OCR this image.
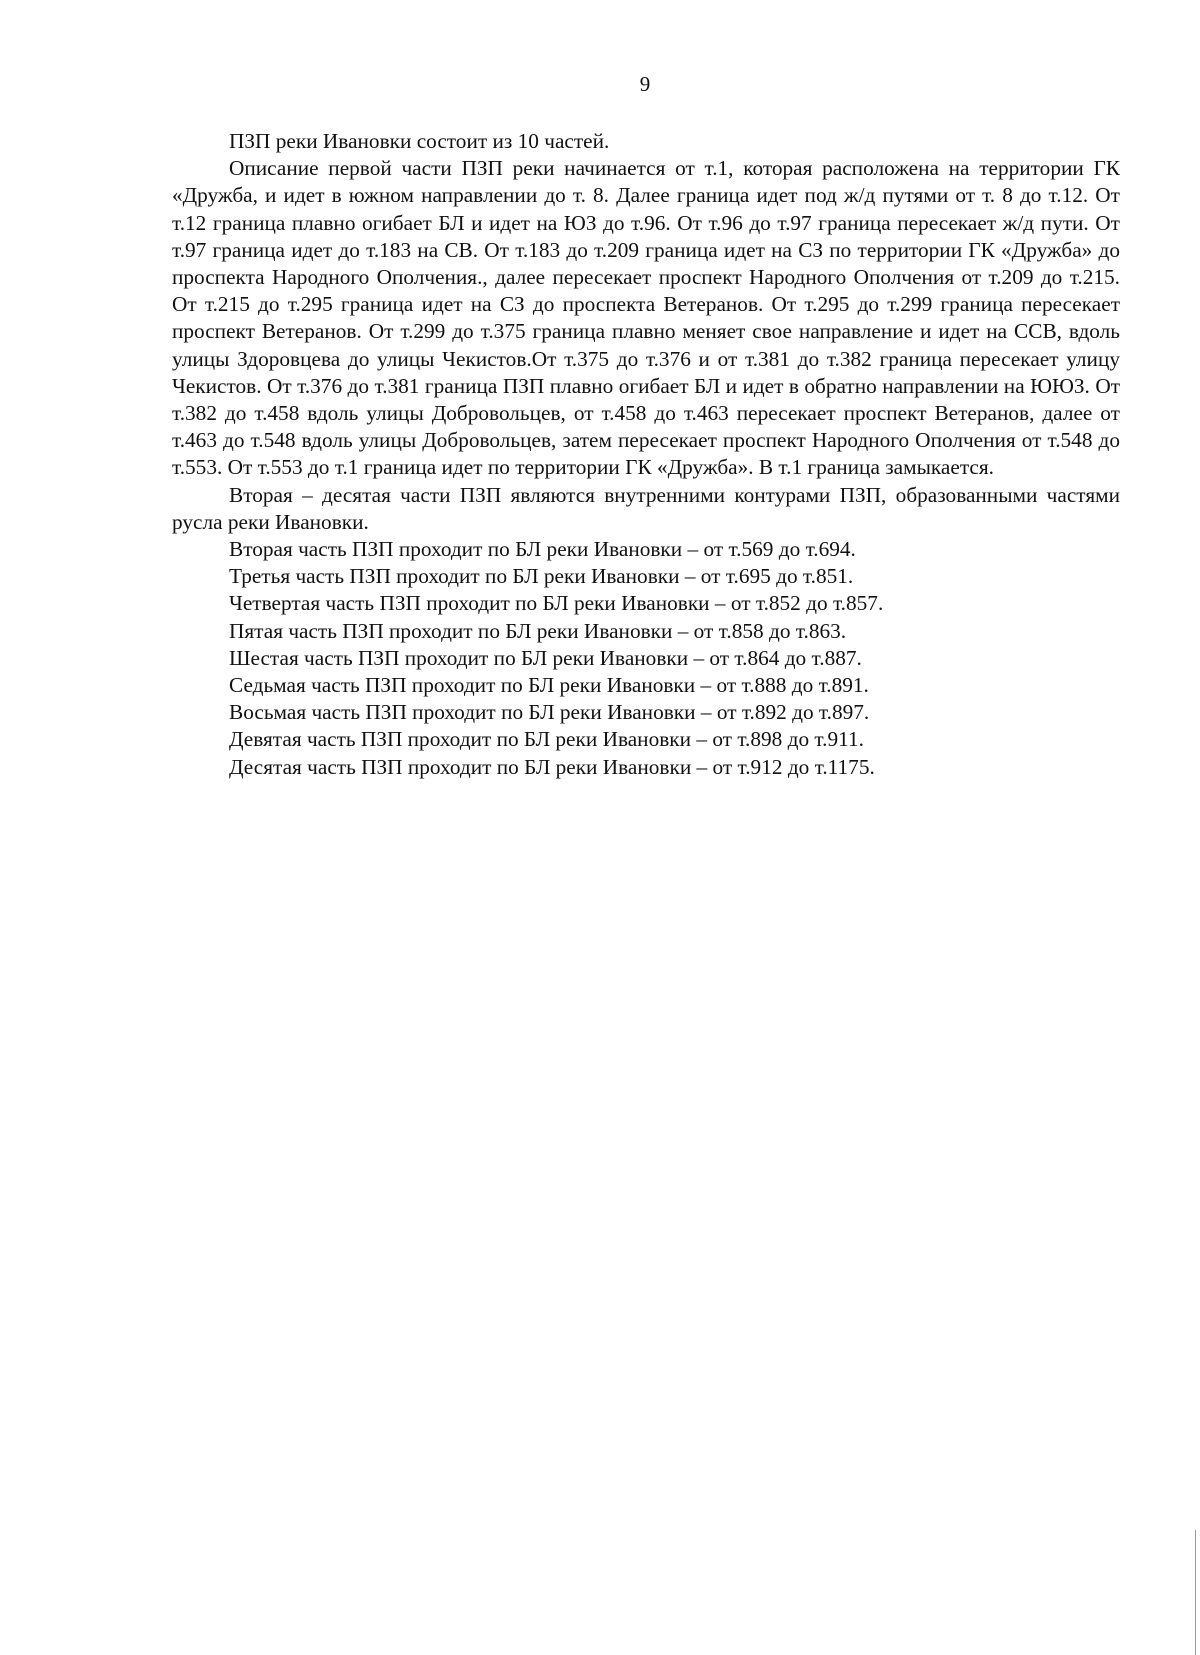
9

ПЗП реки Ивановки состоит из 10 частей.

Описание первой части ПЗП реки начинается от т.1, которая расположена на территории ГК «Дружба, и идет в южном направлении до т. 8. Далее граница идет под ж/д путями от т. 8 до т.12. От т.12 граница плавно огибает БЛ и идет на ЮЗ до т.96. От т.96 до т.97 граница пересекает ж/д пути. От т.97 граница идет до т.183 на СВ. От т.183 до т.209 граница идет на СЗ по территории ГК «Дружба» до проспекта Народного Ополчения., далее пересекает проспект Народного Ополчения от т.209 до т.215. От т.215 до т.295 граница идет на СЗ до проспекта Ветеранов. От т.295 до т.299 граница пересекает проспект Ветеранов. От т.299 до т.375 граница плавно меняет свое направление и идет на ССВ, вдоль улицы Здоровцева до улицы Чекистов.От т.375 до т.376 и от т.381 до т.382 граница пересекает улицу Чекистов. От т.376 до т.381 граница ПЗП плавно огибает БЛ и идет в обратно направлении на ЮЮЗ. От т.382 до т.458 вдоль улицы Добровольцев, от т.458 до т.463 пересекает проспект Ветеранов, далее от т.463 до т.548 вдоль улицы Добровольцев, затем пересекает проспект Народного Ополчения от т.548 до т.553. От т.553 до т.1 граница идет по территории ГК «Дружба». В т.1 граница замыкается.

Вторая – десятая части ПЗП являются внутренними контурами ПЗП, образованными частями русла реки Ивановки.

Вторая часть ПЗП проходит по БЛ реки Ивановки – от т.569 до т.694.

Третья часть ПЗП проходит по БЛ реки Ивановки – от т.695 до т.851.

Четвертая часть ПЗП проходит по БЛ реки Ивановки – от т.852 до т.857.

Пятая часть ПЗП проходит по БЛ реки Ивановки – от т.858 до т.863.

Шестая часть ПЗП проходит по БЛ реки Ивановки – от т.864 до т.887.

Седьмая часть ПЗП проходит по БЛ реки Ивановки – от т.888 до т.891.

Восьмая часть ПЗП проходит по БЛ реки Ивановки – от т.892 до т.897.

Девятая часть ПЗП проходит по БЛ реки Ивановки – от т.898 до т.911.

Десятая часть ПЗП проходит по БЛ реки Ивановки – от т.912 до т.1175.
